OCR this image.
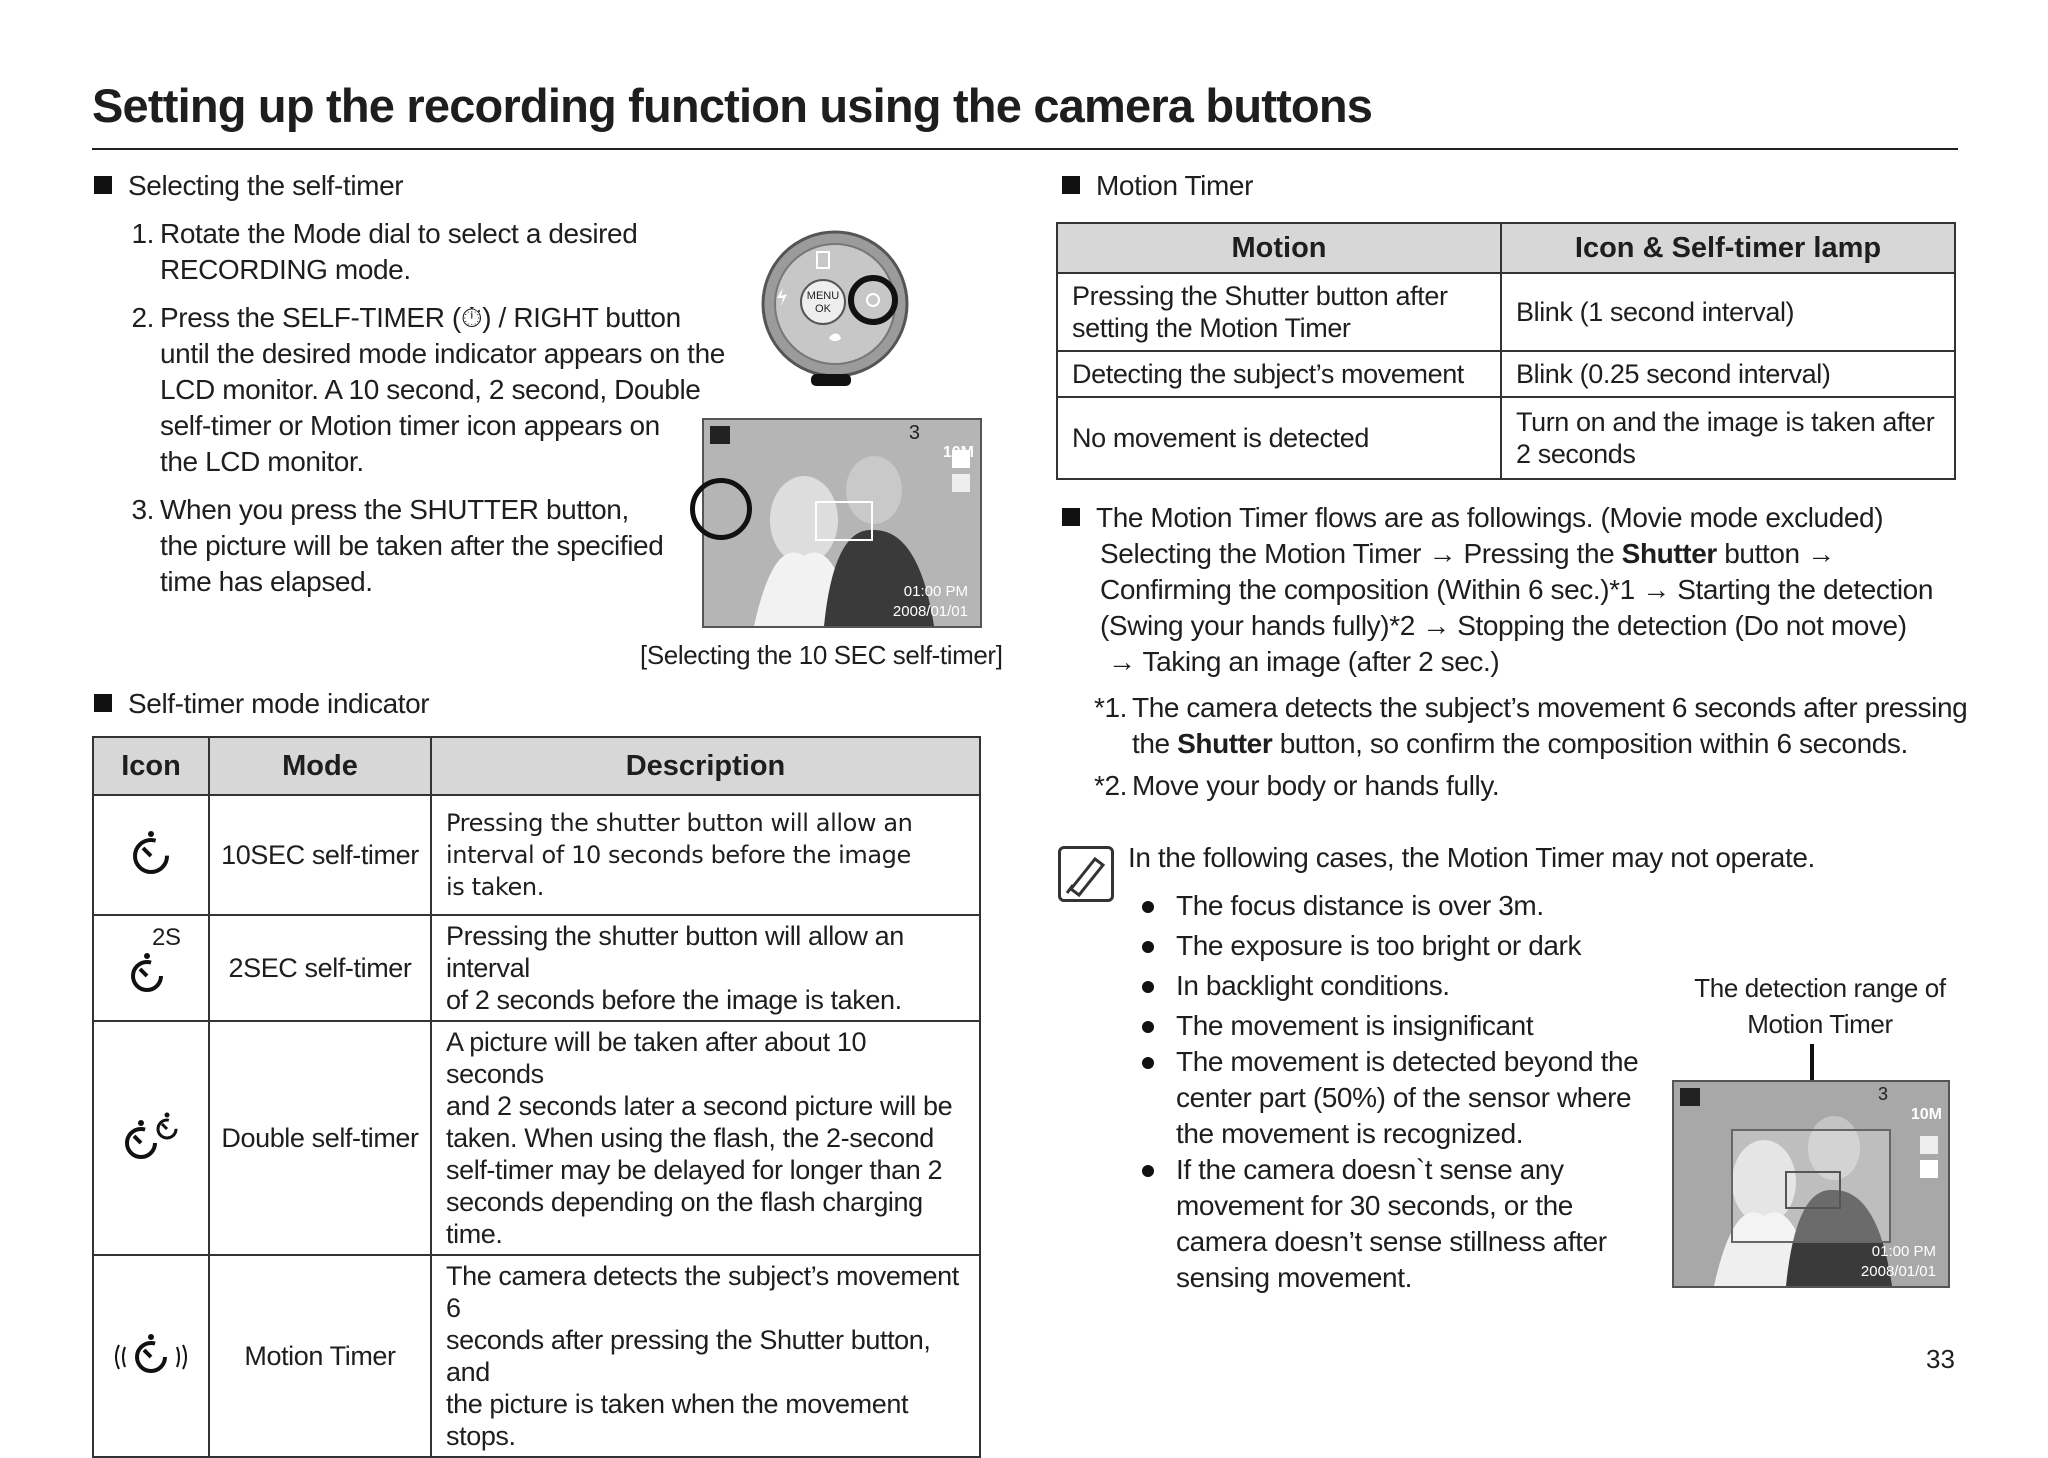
Setting up the recording function using the camera buttons
Selecting the self-timer
1. Rotate the Mode dial to select a desired
RECORDING mode.
2. Press the SELF-TIMER (⏱) / RIGHT button
until the desired mode indicator appears on the
LCD monitor. A 10 second, 2 second, Double
self-timer or Motion timer icon appears on
the LCD monitor.
3. When you press the SHUTTER button,
the picture will be taken after the specified
time has elapsed.
MENU
OK
3
10M
01:00 PM
2008/01/01
[Selecting the 10 SEC self-timer]
Self-timer mode indicator
Icon	Mode	Description
	10SEC self-timer	Pressing the shutter button will allow an
interval of 10 seconds before the image
is taken.

2S	2SEC self-timer	Pressing the shutter button will allow an interval
of 2 seconds before the image is taken.

	Double self-timer	A picture will be taken after about 10 seconds
and 2 seconds later a second picture will be
taken. When using the flash, the 2-second
self-timer may be delayed for longer than 2
seconds depending on the flash charging time.

	Motion Timer	The camera detects the subject’s movement 6
seconds after pressing the Shutter button, and
the picture is taken when the movement stops.
Motion Timer
Motion	Icon & Self-timer lamp

Pressing the Shutter button after
setting the Motion Timer	Blink (1 second interval)
Detecting the subject’s movement	Blink (0.25 second interval)
No movement is detected	Turn on and the image is taken after
2 seconds
The Motion Timer flows are as followings. (Movie mode excluded)
Selecting the Motion Timer → Pressing the Shutter button →
Confirming the composition (Within 6 sec.)*1 → Starting the detection
(Swing your hands fully)*2 → Stopping the detection (Do not move)
→ Taking an image (after 2 sec.)
*1. The camera detects the subject’s movement 6 seconds after pressing
the Shutter button, so confirm the composition within 6 seconds.
*2. Move your body or hands fully.
In the following cases, the Motion Timer may not operate.
The focus distance is over 3m.
The exposure is too bright or dark
In backlight conditions.
The movement is insignificant
The movement is detected beyond the
center part (50%) of the sensor where
the movement is recognized.
If the camera doesn`t sense any
movement for 30 seconds, or the
camera doesn’t sense stillness after
sensing movement.
The detection range of
Motion Timer
3
10M
01:00 PM
2008/01/01
33
